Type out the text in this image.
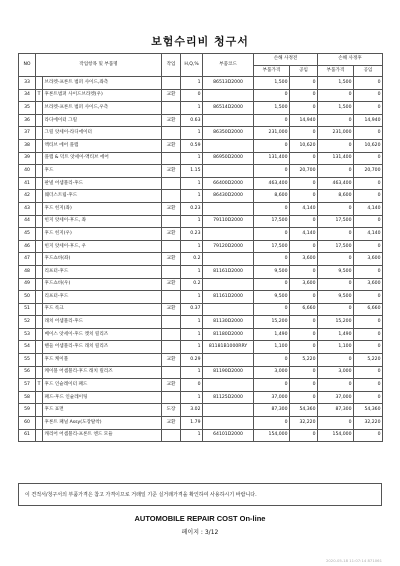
보험수리비 청구서
NO	작업항목 및 부품명		작업	H,Q,%	부품코드	손해 사정전		손해 사정후	
						부품가격	공임	부품가격	공임
33		브라켓-프론트 범퍼 사이드,좌측		1	86513D2000	1,500	0	1,500	0
34	T	후론트범퍼 사이드브라켓(우)	교환	0		0	0	0	0
35		브라켓-프론트 범퍼 사이드,우측		1	86514D2000	1,500	0	1,500	0
36		라디에이터 그릴	교환	0.63		0	14,940	0	14,940
37		그릴 앗세이-라디에이터		1	86350D2000	231,000	0	231,000	0
38		액티브 에어 플랩	교환	0.59		0	10,620	0	10,620
39		플랩 & 덕트 앗세이-액티브 에어		1	86950D2000	131,400	0	131,400	0
40		후드	교환	1.15		0	20,700	0	20,700
41		판넬 어셈블리-후드		1	66400D2000	463,400	0	463,400	0
42		웨더스트립-후드		1	86430D2000	8,600	0	8,600	0
43		후드 힌지(좌)	교환	0.23		0	4,140	0	4,140
44		힌지 앗세이-후드, 좌		1	79110D2000	17,500	0	17,500	0
45		후드 힌지(우)	교환	0.23		0	4,140	0	4,140
46		힌지 앗세이-후드, 우		1	79120D2000	17,500	0	17,500	0
47		후드쇼바(좌)	교환	0.2		0	3,600	0	3,600
48		리프터-후드		1	81161D2000	9,500	0	9,500	0
49		후드쇼바(우)	교환	0.2		0	3,600	0	3,600
50		리프터-후드		1	81161D2000	9,500	0	9,500	0
51		후드 록크	교환	0.37		0	6,660	0	6,660
52		래치 어셈블리-후드		1	81130D2000	15,200	0	15,200	0
53		베이스 앗세이-후드 캣치 릴리즈		1	81180D2000	1,490	0	1,490	0
54		핸들 어셈블리-후드 래치 릴리즈		1	81181B1000RRY	1,100	0	1,100	0
55		후드 케이블	교환	0.29		0	5,220	0	5,220
56		케이블 어셈블리-후드 래치 릴리즈		1	81190D2000	3,000	0	3,000	0
57	T	후드 인슐레이터 패드	교환	0		0	0	0	0
58		패드-후드 인슐레이팅		1	81125D2000	37,000	0	37,000	0
59		후드 표면	도장	3.02		87,300	54,360	87,300	54,360
60		후론트 패널 Assy(도장탈착)	교환	1.79		0	32,220	0	32,220
61		캐리어 어셈블리-프론트 엔드 모듈		1	64101D2000	154,000	0	154,000	0
이 견적서/청구서의 부품가격은 참고 가격이므로 거래일 기준 실거래가격을 확인하여 사용하시기 바랍니다.
AUTOMOBILE REPAIR COST On-line
페이지 : 3/12
2020-05-18 11:07:14 871061
